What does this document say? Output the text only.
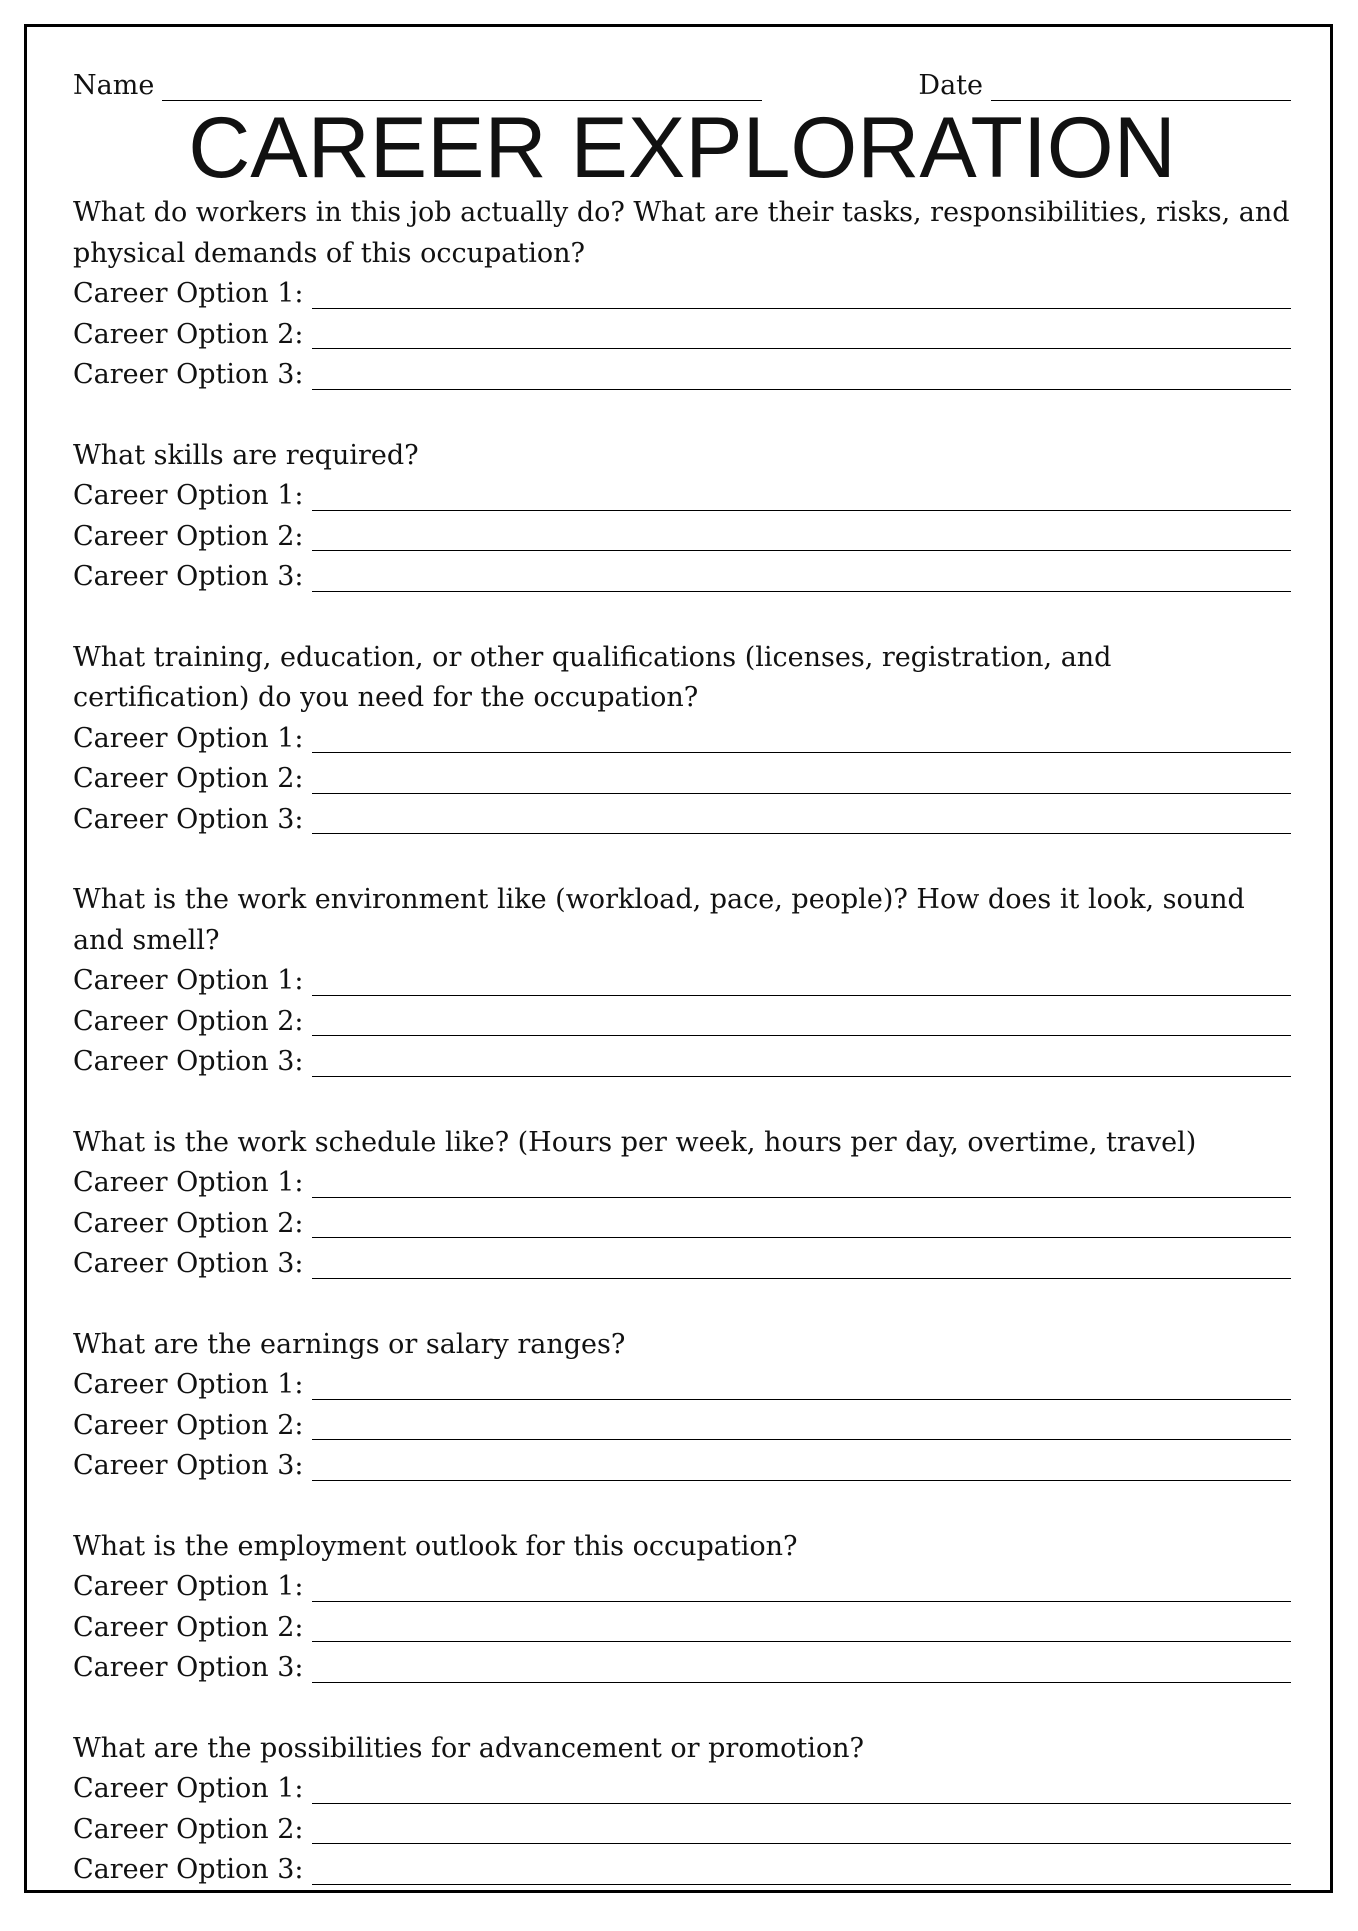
Name	Date
CAREER EXPLORATION
What do workers in this job actually do? What are their tasks, responsibilities, risks, and physical demands of this occupation?
Career Option 1:
Career Option 2:
Career Option 3:
What skills are required?
Career Option 1:
Career Option 2:
Career Option 3:
What training, education, or other qualifications (licenses, registration, and certification) do you need for the occupation?
Career Option 1:
Career Option 2:
Career Option 3:
What is the work environment like (workload, pace, people)? How does it look, sound and smell?
Career Option 1:
Career Option 2:
Career Option 3:
What is the work schedule like? (Hours per week, hours per day, overtime, travel)
Career Option 1:
Career Option 2:
Career Option 3:
What are the earnings or salary ranges?
Career Option 1:
Career Option 2:
Career Option 3:
What is the employment outlook for this occupation?
Career Option 1:
Career Option 2:
Career Option 3:
What are the possibilities for advancement or promotion?
Career Option 1:
Career Option 2:
Career Option 3:
